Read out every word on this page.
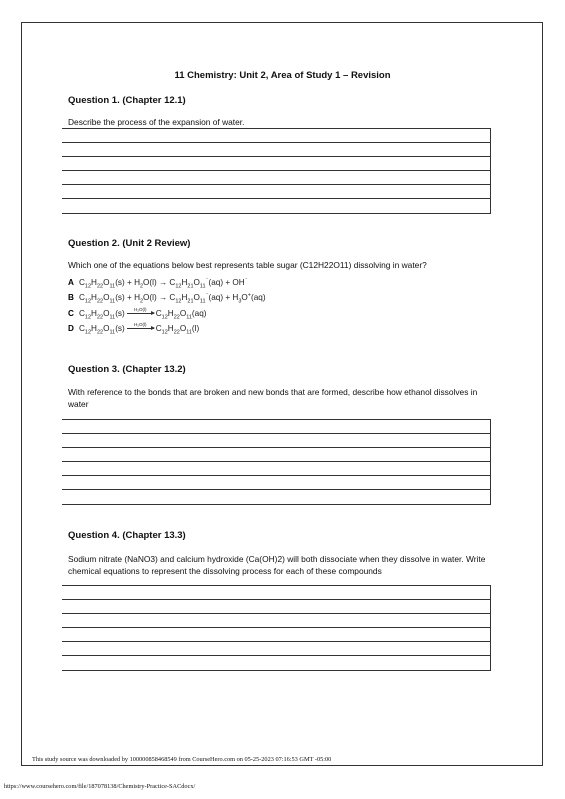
11 Chemistry: Unit 2, Area of Study 1 – Revision
Question 1. (Chapter 12.1)
Describe the process of the expansion of water.
Question 2. (Unit 2 Review)
Which one of the equations below best represents table sugar (C12H22O11) dissolving in water?
A $C_{12}H_{22}O_{11}(s) + H_2O(l) \to C_{12}H_{21}O_{11}^{^-}(aq) + OH^{^-}$
B $C_{12}H_{22}O_{11}(s) + H_2O(l) \to C_{12}H_{21}O_{11}^{^-}(aq) + H_3O^+(aq)$
C $C_{12}H_{22}O_{11}(s)$	H₂O(l)	$C_{12}H_{22}O_{11}(aq)$
D $C_{12}H_{22}O_{11}(s)$	H₂O(l)	$C_{12}H_{22}O_{11}(l)$
Question 3. (Chapter 13.2)
With reference to the bonds that are broken and new bonds that are formed, describe how ethanol dissolves in water
Question 4. (Chapter 13.3)
Sodium nitrate (NaNO3) and calcium hydroxide (Ca(OH)2) will both dissociate when they dissolve in water. Write chemical equations to represent the dissolving process for each of these compounds
This study source was downloaded by 100000858468549 from CourseHero.com on 05-25-2023 07:16:53 GMT -05:00
https://www.coursehero.com/file/187078138/Chemistry-Practice-SACdocx/
